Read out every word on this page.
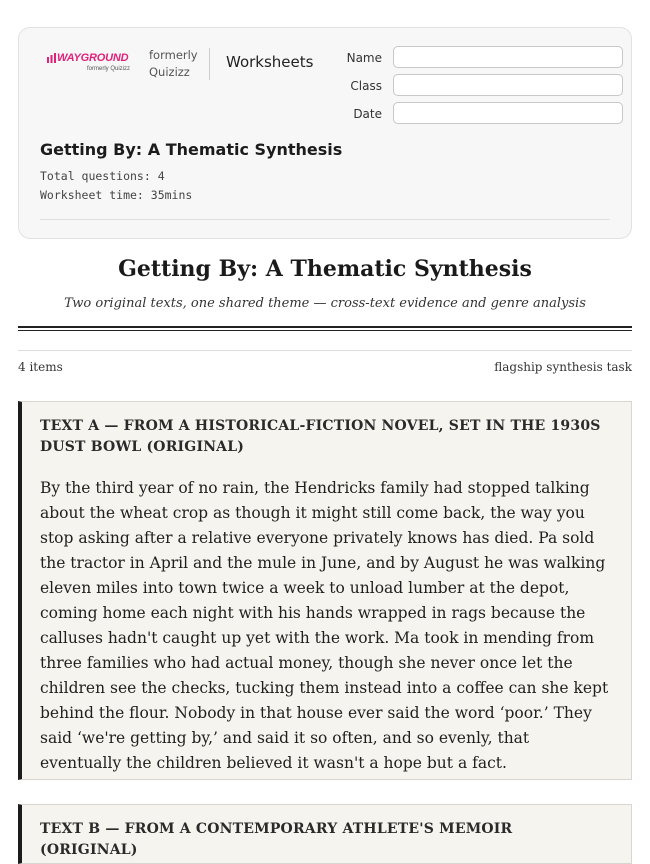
WAYGROUND
formerly Quizizz
formerly Quizizz
Worksheets	Name
Class
Date
Getting By: A Thematic Synthesis
Total questions: 4
Worksheet time: 35mins
Getting By: A Thematic Synthesis
Two original texts, one shared theme — cross-text evidence and genre analysis
4 items	flagship synthesis task
TEXT A — FROM A HISTORICAL-FICTION NOVEL, SET IN THE 1930S DUST BOWL (ORIGINAL)
By the third year of no rain, the Hendricks family had stopped talking about the wheat crop as though it might still come back, the way you stop asking after a relative everyone privately knows has died. Pa sold the tractor in April and the mule in June, and by August he was walking eleven miles into town twice a week to unload lumber at the depot, coming home each night with his hands wrapped in rags because the calluses hadn't caught up yet with the work. Ma took in mending from three families who had actual money, though she never once let the children see the checks, tucking them instead into a coffee can she kept behind the flour. Nobody in that house ever said the word ‘poor.’ They said ‘we're getting by,’ and said it so often, and so evenly, that eventually the children believed it wasn't a hope but a fact.
TEXT B — FROM A CONTEMPORARY ATHLETE'S MEMOIR (ORIGINAL)
